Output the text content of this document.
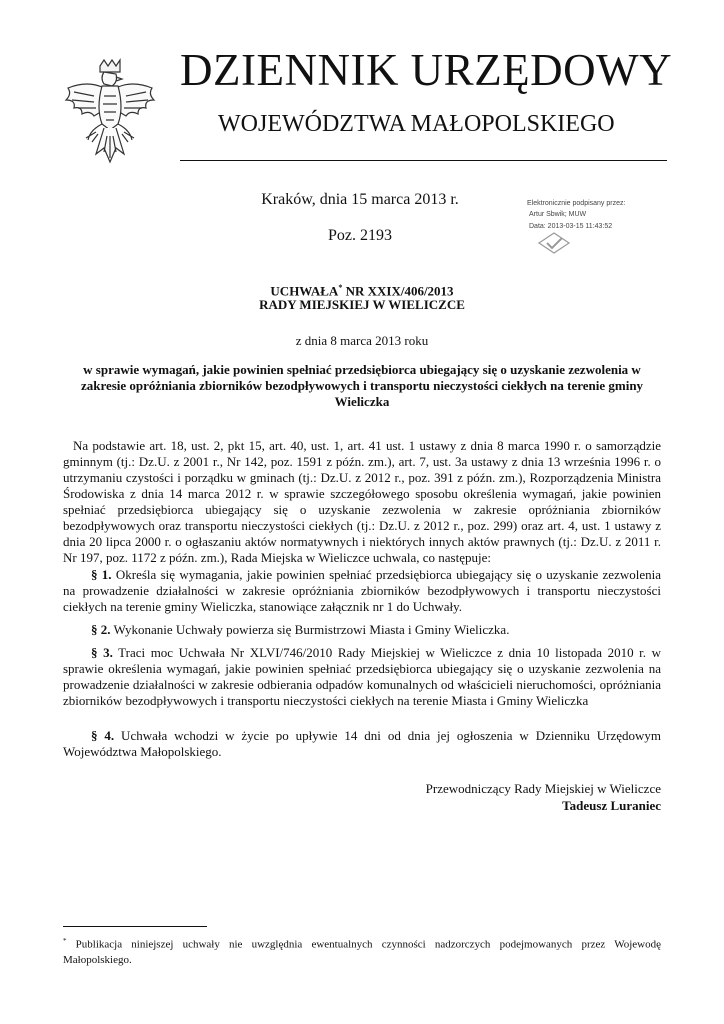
DZIENNIK URZĘDOWY
WOJEWÓDZTWA MAŁOPOLSKIEGO
Kraków, dnia 15 marca 2013 r.
Poz. 2193
Elektronicznie podpisany przez:
Artur Sbwik; MUW
Data: 2013-03-15 11:43:52
UCHWAŁA* NR XXIX/406/2013
RADY MIEJSKIEJ W WIELICZCE
z dnia 8 marca 2013 roku
w sprawie wymagań, jakie powinien spełniać przedsiębiorca ubiegający się o uzyskanie zezwolenia w zakresie opróżniania zbiorników bezodpływowych i transportu nieczystości ciekłych na terenie gminy Wieliczka

Na podstawie art. 18, ust. 2, pkt 15, art. 40, ust. 1, art. 41 ust. 1 ustawy z dnia 8 marca 1990 r. o samorządzie gminnym (tj.: Dz.U. z 2001 r., Nr 142, poz. 1591 z późn. zm.), art. 7, ust. 3a ustawy z dnia 13 września 1996 r. o utrzymaniu czystości i porządku w gminach (tj.: Dz.U. z 2012 r., poz. 391 z późn. zm.), Rozporządzenia Ministra Środowiska z dnia 14 marca 2012 r. w sprawie szczegółowego sposobu określenia wymagań, jakie powinien spełniać przedsiębiorca ubiegający się o uzyskanie zezwolenia w zakresie opróżniania zbiorników bezodpływowych oraz transportu nieczystości ciekłych (tj.: Dz.U. z 2012 r., poz. 299) oraz art. 4, ust. 1 ustawy z dnia 20 lipca 2000 r. o ogłaszaniu aktów normatywnych i niektórych innych aktów prawnych (tj.: Dz.U. z 2011 r. Nr 197, poz. 1172 z późn. zm.), Rada Miejska w Wieliczce uchwala, co następuje:

§ 1. Określa się wymagania, jakie powinien spełniać przedsiębiorca ubiegający się o uzyskanie zezwolenia na prowadzenie działalności w zakresie opróżniania zbiorników bezodpływowych i transportu nieczystości ciekłych na terenie gminy Wieliczka, stanowiące załącznik nr 1 do Uchwały.

§ 2. Wykonanie Uchwały powierza się Burmistrzowi Miasta i Gminy Wieliczka.

§ 3. Traci moc Uchwała Nr XLVI/746/2010 Rady Miejskiej w Wieliczce z dnia 10 listopada 2010 r. w sprawie określenia wymagań, jakie powinien spełniać przedsiębiorca ubiegający się o uzyskanie zezwolenia na prowadzenie działalności w zakresie odbierania odpadów komunalnych od właścicieli nieruchomości, opróżniania zbiorników bezodpływowych i transportu nieczystości ciekłych na terenie Miasta i Gminy Wieliczka

§ 4. Uchwała wchodzi w życie po upływie 14 dni od dnia jej ogłoszenia w Dzienniku Urzędowym Województwa Małopolskiego.

Przewodniczący Rady Miejskiej w Wieliczce
Tadeusz Luraniec

* Publikacja niniejszej uchwały nie uwzględnia ewentualnych czynności nadzorczych podejmowanych przez Wojewodę Małopolskiego.
